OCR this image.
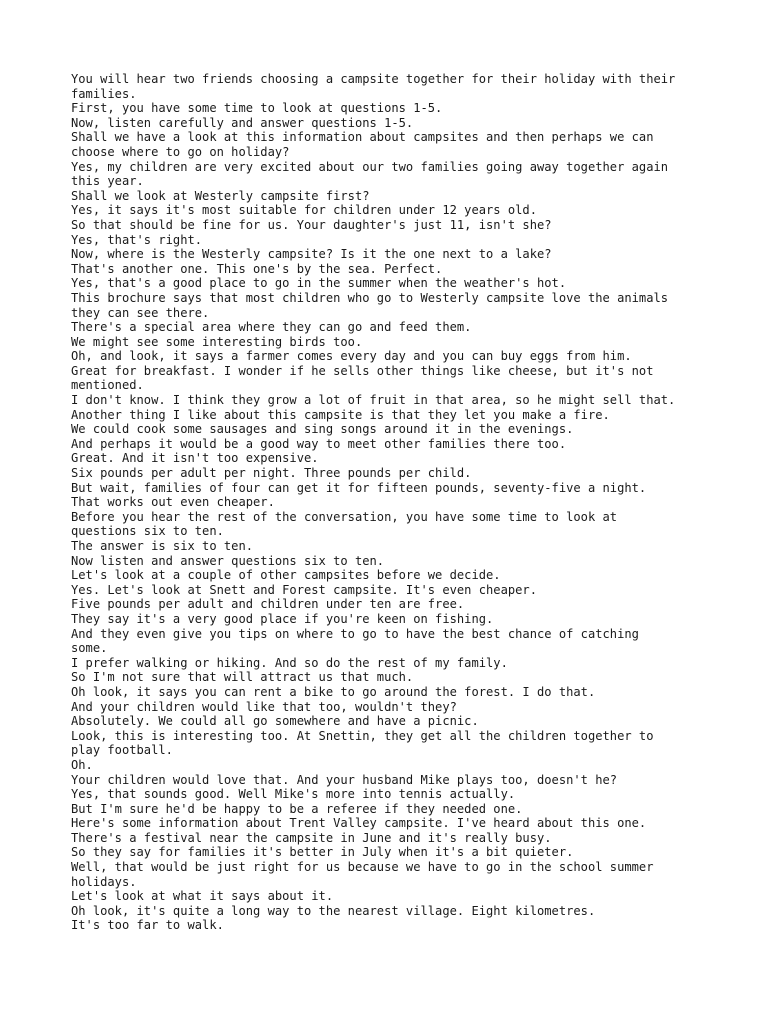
You will hear two friends choosing a campsite together for their holiday with their
families.
First, you have some time to look at questions 1-5.
Now, listen carefully and answer questions 1-5.
Shall we have a look at this information about campsites and then perhaps we can
choose where to go on holiday?
Yes, my children are very excited about our two families going away together again
this year.
Shall we look at Westerly campsite first?
Yes, it says it's most suitable for children under 12 years old.
So that should be fine for us. Your daughter's just 11, isn't she?
Yes, that's right.
Now, where is the Westerly campsite? Is it the one next to a lake?
That's another one. This one's by the sea. Perfect.
Yes, that's a good place to go in the summer when the weather's hot.
This brochure says that most children who go to Westerly campsite love the animals
they can see there.
There's a special area where they can go and feed them.
We might see some interesting birds too.
Oh, and look, it says a farmer comes every day and you can buy eggs from him.
Great for breakfast. I wonder if he sells other things like cheese, but it's not
mentioned.
I don't know. I think they grow a lot of fruit in that area, so he might sell that.
Another thing I like about this campsite is that they let you make a fire.
We could cook some sausages and sing songs around it in the evenings.
And perhaps it would be a good way to meet other families there too.
Great. And it isn't too expensive.
Six pounds per adult per night. Three pounds per child.
But wait, families of four can get it for fifteen pounds, seventy-five a night.
That works out even cheaper.
Before you hear the rest of the conversation, you have some time to look at
questions six to ten.
The answer is six to ten.
Now listen and answer questions six to ten.
Let's look at a couple of other campsites before we decide.
Yes. Let's look at Snett and Forest campsite. It's even cheaper.
Five pounds per adult and children under ten are free.
They say it's a very good place if you're keen on fishing.
And they even give you tips on where to go to have the best chance of catching
some.
I prefer walking or hiking. And so do the rest of my family.
So I'm not sure that will attract us that much.
Oh look, it says you can rent a bike to go around the forest. I do that.
And your children would like that too, wouldn't they?
Absolutely. We could all go somewhere and have a picnic.
Look, this is interesting too. At Snettin, they get all the children together to
play football.
Oh.
Your children would love that. And your husband Mike plays too, doesn't he?
Yes, that sounds good. Well Mike's more into tennis actually.
But I'm sure he'd be happy to be a referee if they needed one.
Here's some information about Trent Valley campsite. I've heard about this one.
There's a festival near the campsite in June and it's really busy.
So they say for families it's better in July when it's a bit quieter.
Well, that would be just right for us because we have to go in the school summer
holidays.
Let's look at what it says about it.
Oh look, it's quite a long way to the nearest village. Eight kilometres.
It's too far to walk.
